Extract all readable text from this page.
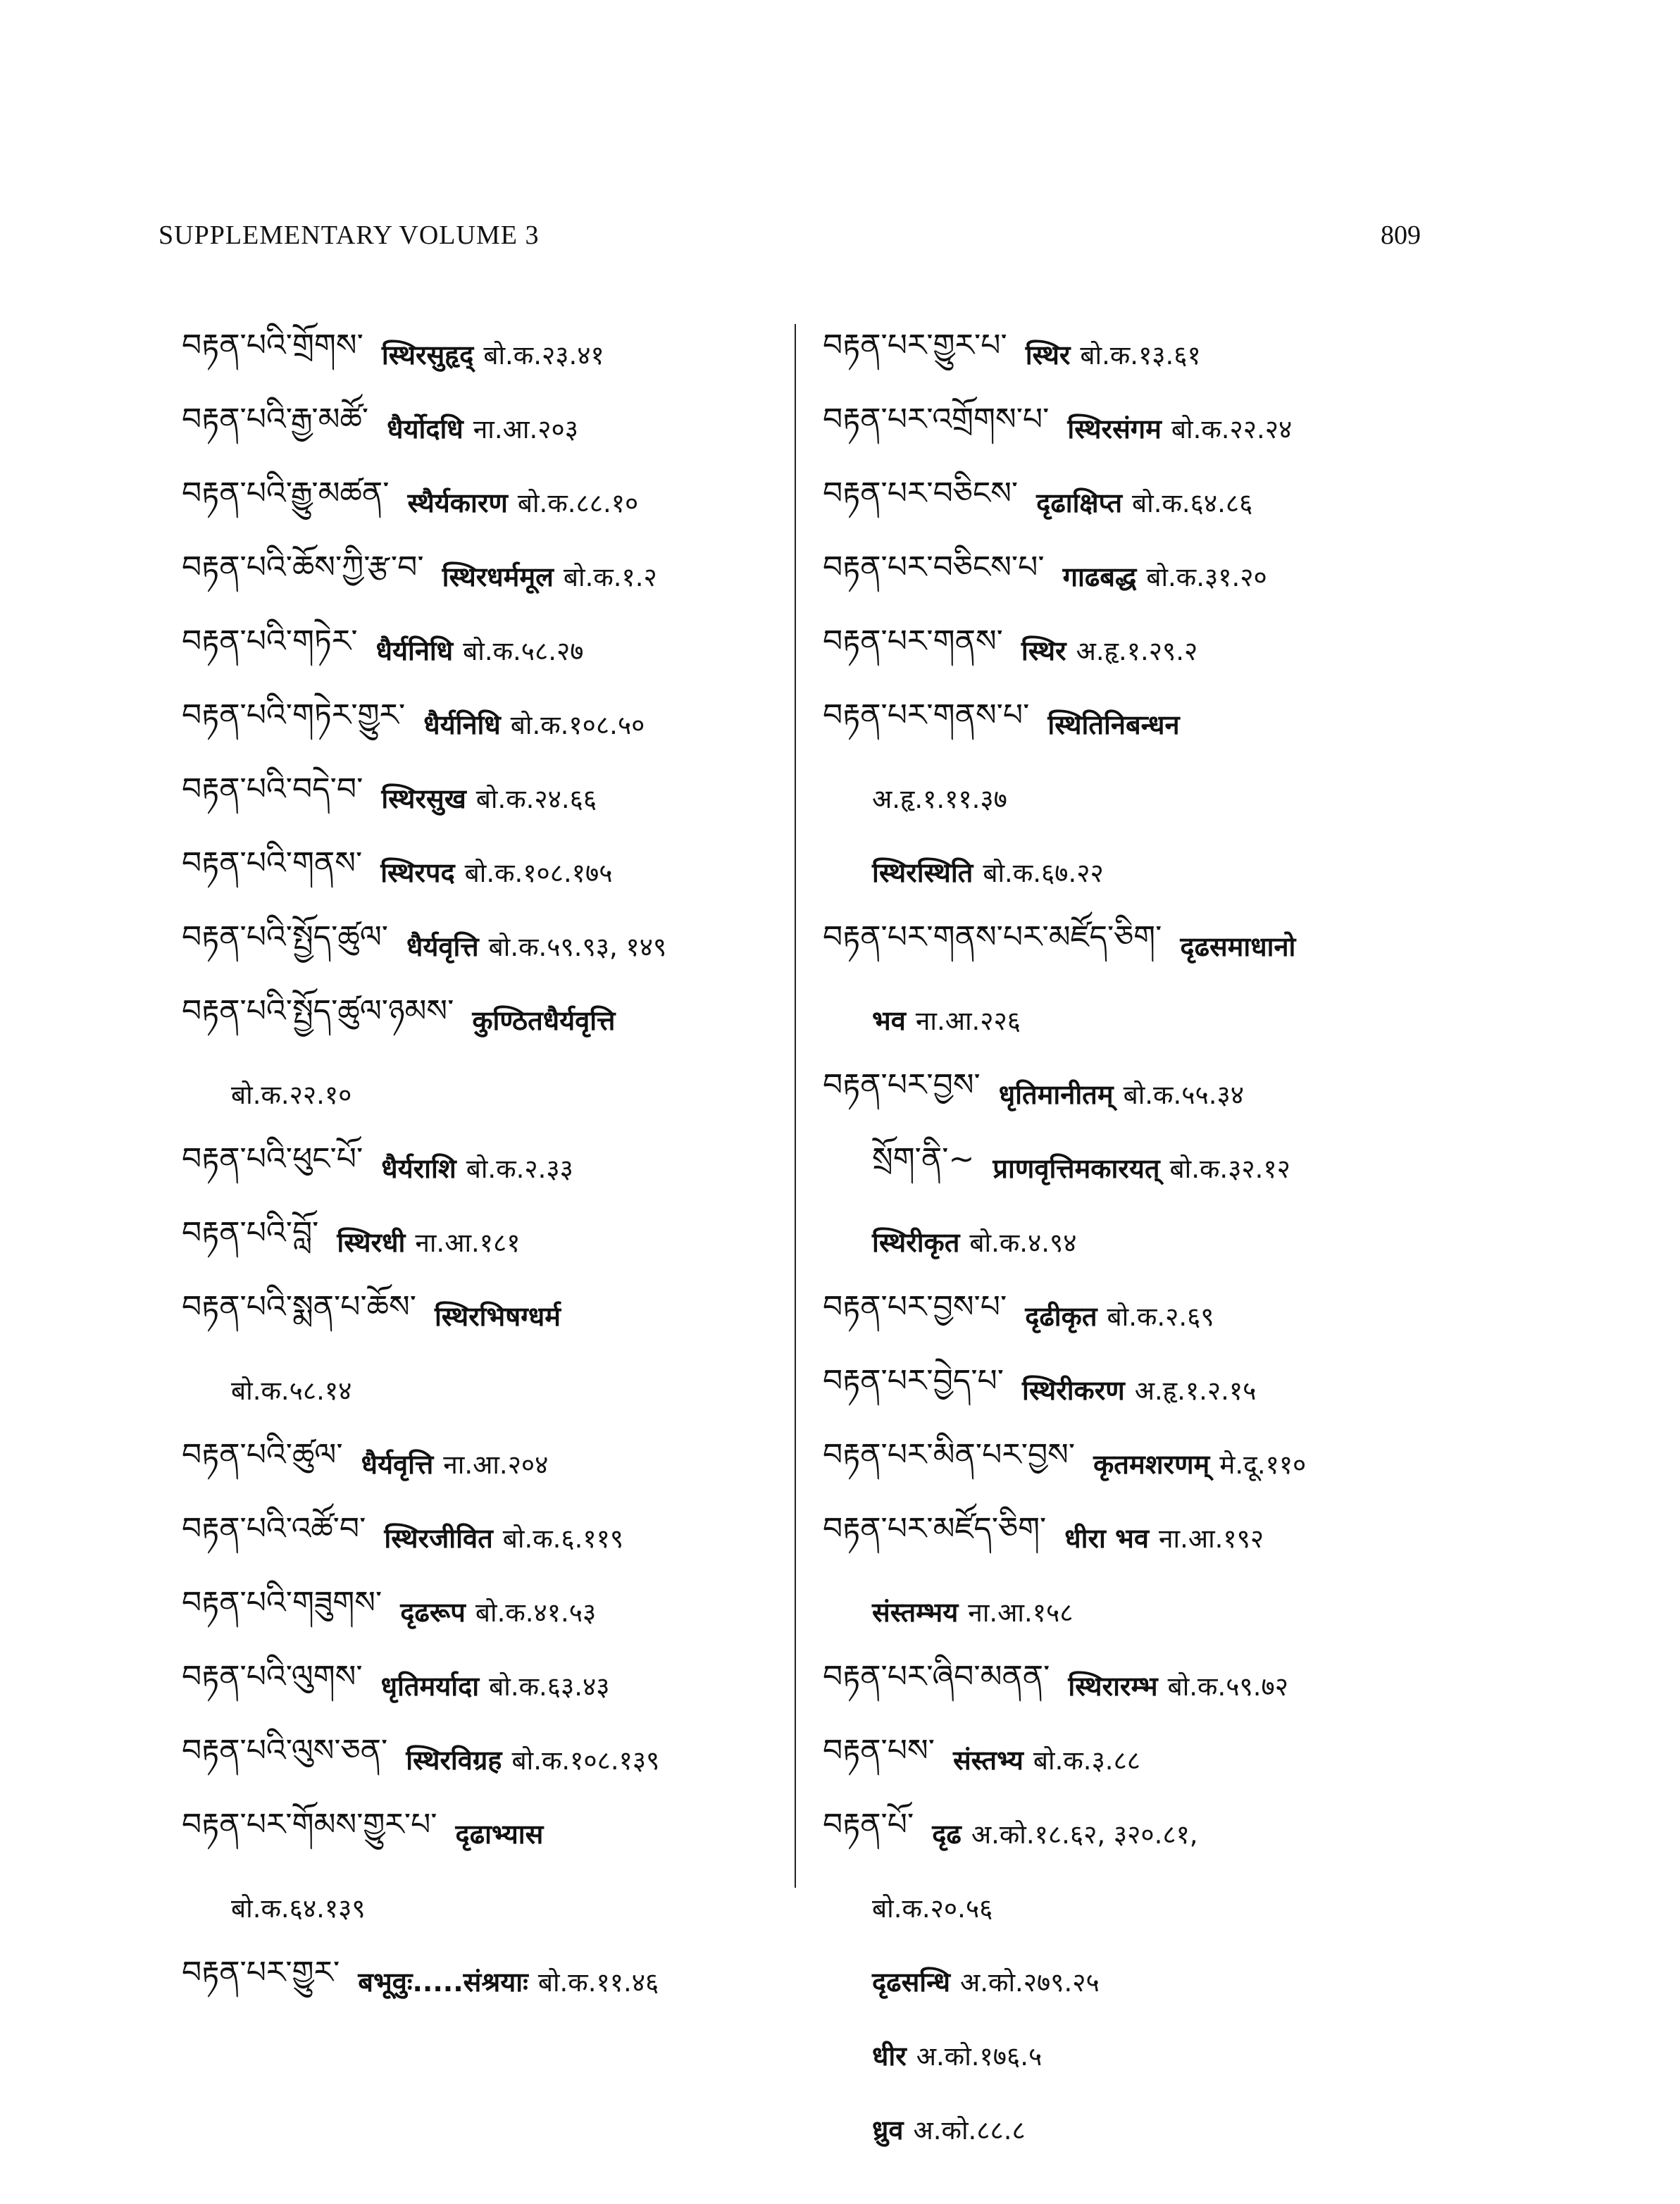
SUPPLEMENTARY VOLUME 3	809
བརྟན་པའི་གྲོགས་ स्थिरसुहृद् बो.क.२३.४१
བརྟན་པའི་རྒྱ་མཚོ་ धैर्योदधि ना.आ.२०३
བརྟན་པའི་རྒྱུ་མཚན་ स्थैर्यकारण बो.क.८८.१०
བརྟན་པའི་ཆོས་ཀྱི་རྩ་བ་ स्थिरधर्ममूल बो.क.१.२
བརྟན་པའི་གཏེར་ धैर्यनिधि बो.क.५८.२७
བརྟན་པའི་གཏེར་གྱུར་ धैर्यनिधि बो.क.१०८.५०
བརྟན་པའི་བདེ་བ་ स्थिरसुख बो.क.२४.६६
བརྟན་པའི་གནས་ स्थिरपद बो.क.१०८.१७५
བརྟན་པའི་སྤྱོད་ཚུལ་ धैर्यवृत्ति बो.क.५९.९३, १४९
བརྟན་པའི་སྤྱོད་ཚུལ་ཉམས་ कुण्ठितधैर्यवृत्ति
बो.क.२२.१०
བརྟན་པའི་ཕུང་པོ་ धैर्यराशि बो.क.२.३३
བརྟན་པའི་བློ་ स्थिरधी ना.आ.१८१
བརྟན་པའི་སྨན་པ་ཆོས་ स्थिरभिषग्धर्म
बो.क.५८.१४
བརྟན་པའི་ཚུལ་ धैर्यवृत्ति ना.आ.२०४
བརྟན་པའི་འཚོ་བ་ स्थिरजीवित बो.क.६.११९
བརྟན་པའི་གཟུགས་ दृढरूप बो.क.४१.५३
བརྟན་པའི་ལུགས་ धृतिमर्यादा बो.क.६३.४३
བརྟན་པའི་ལུས་ཅན་ स्थिरविग्रह बो.क.१०८.१३९
བརྟན་པར་གོམས་གྱུར་པ་ दृढाभ्यास
बो.क.६४.१३९
བརྟན་པར་གྱུར་ बभूवुः.....संश्रयाः बो.क.११.४६
བརྟན་པར་གྱུར་པ་ स्थिर बो.क.१३.६१
བརྟན་པར་འགྲོགས་པ་ स्थिरसंगम बो.क.२२.२४
བརྟན་པར་བཅིངས་ दृढाक्षिप्त बो.क.६४.८६
བརྟན་པར་བཅིངས་པ་ गाढबद्ध बो.क.३१.२०
བརྟན་པར་གནས་ स्थिर अ.हृ.१.२९.२
བརྟན་པར་གནས་པ་ स्थितिनिबन्धन
अ.हृ.१.११.३७
स्थिरस्थिति बो.क.६७.२२
བརྟན་པར་གནས་པར་མཛོད་ཅིག་ दृढसमाधानो
भव ना.आ.२२६
བརྟན་པར་བྱས་ धृतिमानीतम् बो.क.५५.३४
སྲོག་ནི་~ प्राणवृत्तिमकारयत् बो.क.३२.१२
स्थिरीकृत बो.क.४.९४
བརྟན་པར་བྱས་པ་ दृढीकृत बो.क.२.६९
བརྟན་པར་བྱེད་པ་ स्थिरीकरण अ.हृ.१.२.१५
བརྟན་པར་མིན་པར་བྱས་ कृतमशरणम् मे.दू.११०
བརྟན་པར་མཛོད་ཅིག་ धीरा भव ना.आ.१९२
संस्तम्भय ना.आ.१५८
བརྟན་པར་ཞིབ་མནན་ स्थिरारम्भ बो.क.५९.७२
བརྟན་པས་ संस्तभ्य बो.क.३.८८
བརྟན་པོ་ दृढ अ.को.१८.६२, ३२०.८१,
बो.क.२०.५६
दृढसन्धि अ.को.२७९.२५
धीर अ.को.१७६.५
ध्रुव अ.को.८८.८
